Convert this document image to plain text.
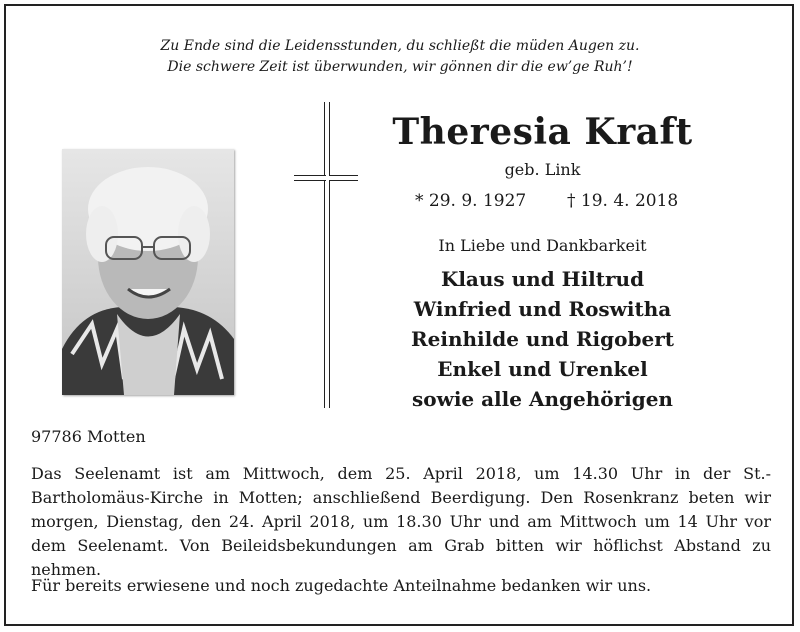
Zu Ende sind die Leidensstunden, du schließt die müden Augen zu.
Die schwere Zeit ist überwunden, wir gönnen dir die ew’ge Ruh’!
Theresia Kraft
geb. Link
* 29. 9. 1927 † 19. 4. 2018
In Liebe und Dankbarkeit
Klaus und Hiltrud
Winfried und Roswitha
Reinhilde und Rigobert
Enkel und Urenkel
sowie alle Angehörigen
97786 Motten
Das Seelenamt ist am Mittwoch, dem 25. April 2018, um 14.30 Uhr in der St.-Bartholomäus-Kirche in Motten; anschließend Beerdigung. Den Rosenkranz beten wir morgen, Dienstag, den 24. April 2018, um 18.30 Uhr und am Mittwoch um 14 Uhr vor dem Seelenamt. Von Beileidsbekundungen am Grab bitten wir höflichst Abstand zu nehmen.
Für bereits erwiesene und noch zugedachte Anteilnahme bedanken wir uns.
